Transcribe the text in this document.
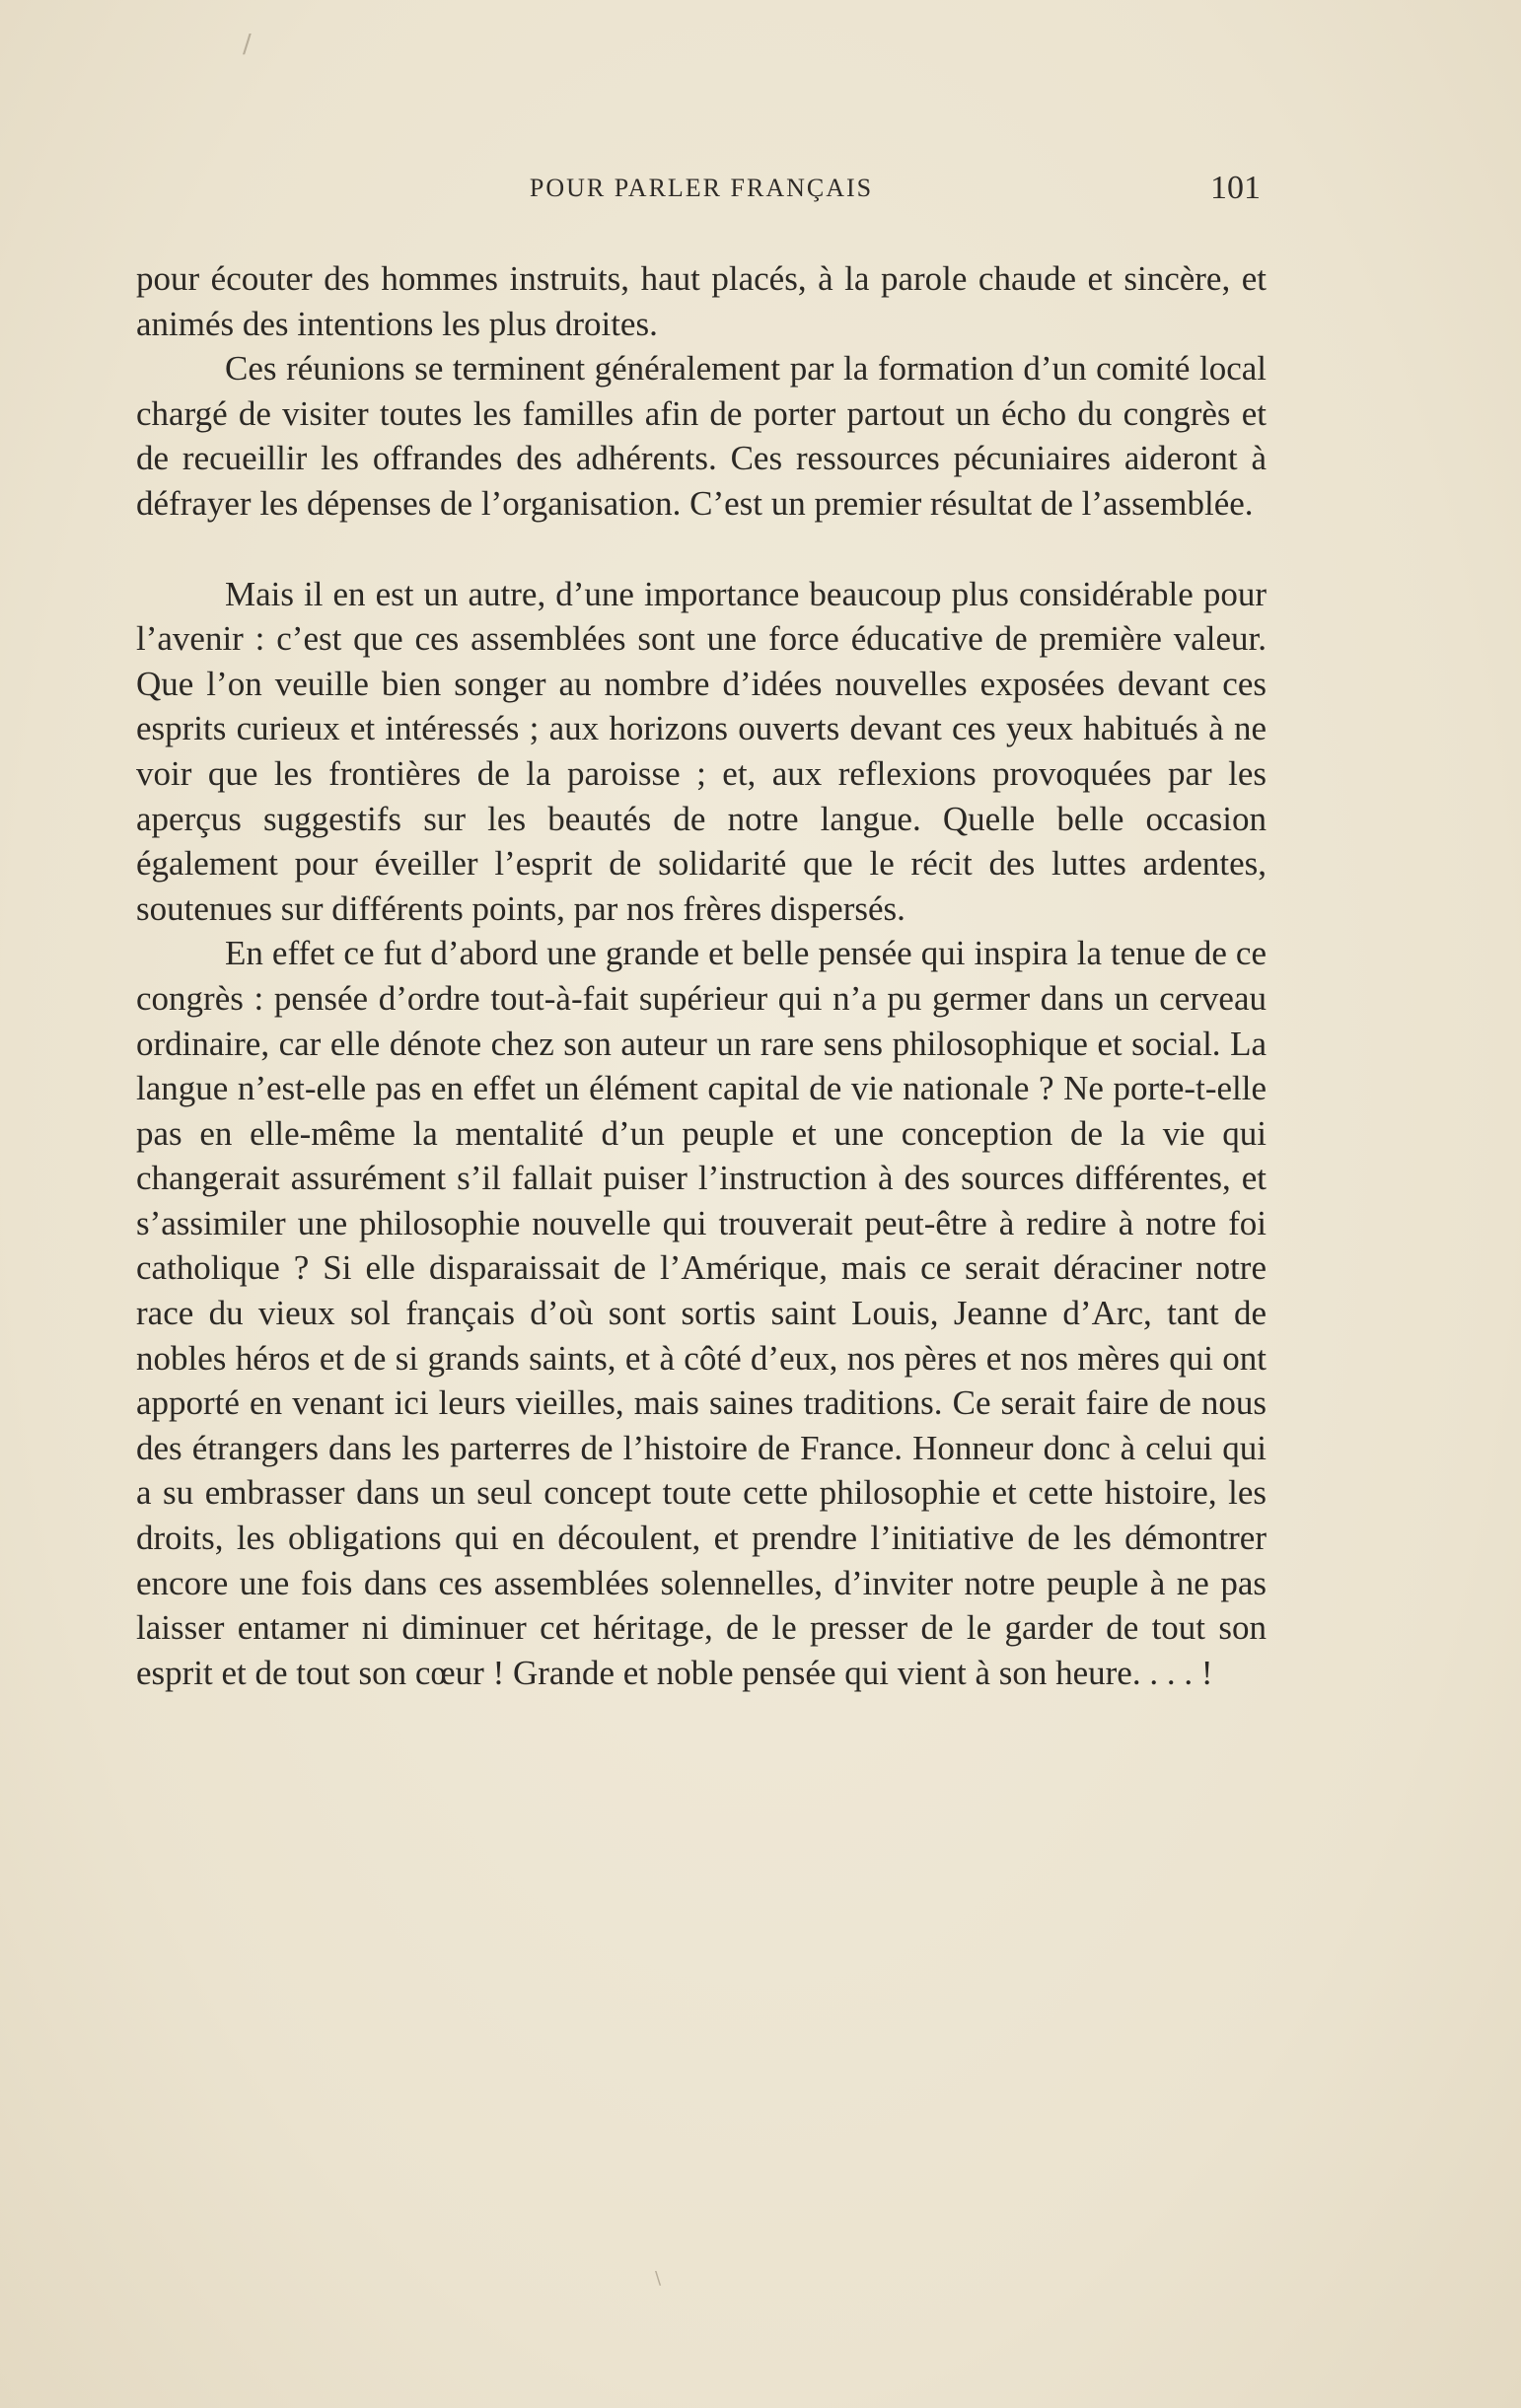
/
POUR PARLER FRANÇAIS	101

pour écouter des hommes instruits, haut placés, à la parole chaude et sincère, et animés des intentions les plus droites.

Ces réunions se terminent généralement par la formation d’un comité local chargé de visiter toutes les familles afin de porter partout un écho du congrès et de recueillir les offrandes des adhérents. Ces ressources pécuniaires aideront à défrayer les dépenses de l’organisation. C’est un premier résultat de l’assemblée.

Mais il en est un autre, d’une importance beaucoup plus considérable pour l’avenir : c’est que ces assemblées sont une force éducative de première valeur. Que l’on veuille bien songer au nombre d’idées nouvelles exposées devant ces esprits curieux et intéressés ; aux horizons ouverts devant ces yeux habitués à ne voir que les frontières de la paroisse ; et, aux reflexions provoquées par les aperçus suggestifs sur les beautés de notre langue. Quelle belle occasion également pour éveiller l’esprit de solidarité que le récit des luttes ardentes, soutenues sur différents points, par nos frères dispersés.

En effet ce fut d’abord une grande et belle pensée qui inspira la tenue de ce congrès : pensée d’ordre tout-à-fait supérieur qui n’a pu germer dans un cerveau ordinaire, car elle dénote chez son auteur un rare sens philosophique et social. La langue n’est-elle pas en effet un élément capital de vie nationale ? Ne porte-t-elle pas en elle-même la mentalité d’un peuple et une conception de la vie qui changerait assurément s’il fallait puiser l’instruction à des sources différentes, et s’assimiler une philosophie nouvelle qui trouverait peut-être à redire à notre foi catholique ? Si elle disparaissait de l’Amérique, mais ce serait déraciner notre race du vieux sol français d’où sont sortis saint Louis, Jeanne d’Arc, tant de nobles héros et de si grands saints, et à côté d’eux, nos pères et nos mères qui ont apporté en venant ici leurs vieilles, mais saines traditions. Ce serait faire de nous des étrangers dans les parterres de l’histoire de France. Honneur donc à celui qui a su embrasser dans un seul concept toute cette philosophie et cette histoire, les droits, les obligations qui en découlent, et prendre l’initiative de les démontrer encore une fois dans ces assemblées solennelles, d’inviter notre peuple à ne pas laisser entamer ni diminuer cet héritage, de le presser de le garder de tout son esprit et de tout son cœur ! Grande et noble pensée qui vient à son heure. . . . !

\
